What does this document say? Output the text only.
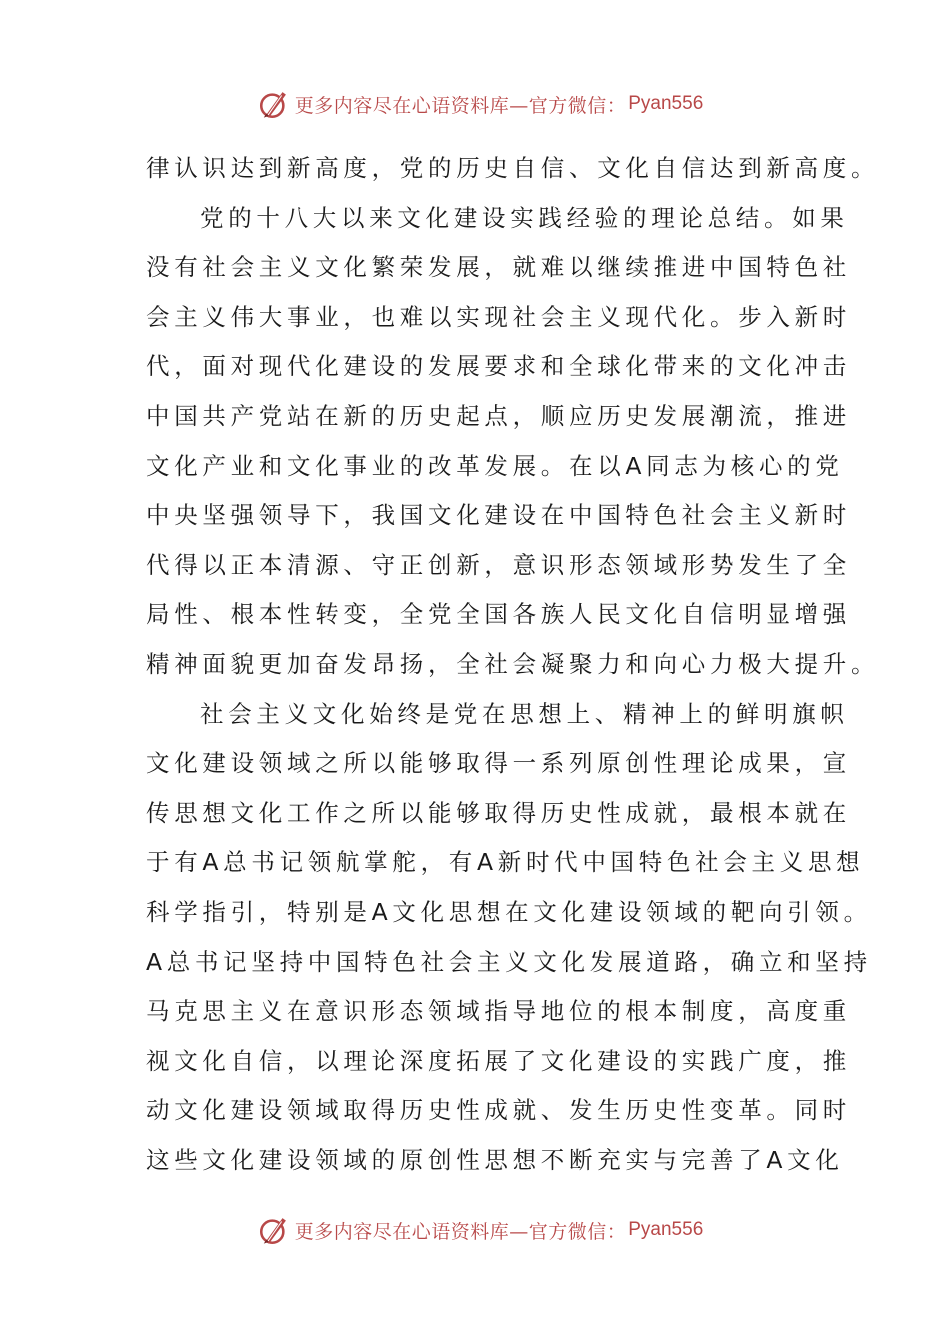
更多内容尽在心语资料库—官方微信： Pyan556
律认识达到新高度，党的历史自信、文化自信达到新高度。
党的十八大以来文化建设实践经验的理论总结。如果
没有社会主义文化繁荣发展，就难以继续推进中国特色社
会主义伟大事业，也难以实现社会主义现代化。步入新时
代，面对现代化建设的发展要求和全球化带来的文化冲击
中国共产党站在新的历史起点，顺应历史发展潮流，推进
文化产业和文化事业的改革发展。在以A同志为核心的党
中央坚强领导下，我国文化建设在中国特色社会主义新时
代得以正本清源、守正创新，意识形态领域形势发生了全
局性、根本性转变，全党全国各族人民文化自信明显增强
精神面貌更加奋发昂扬，全社会凝聚力和向心力极大提升。
社会主义文化始终是党在思想上、精神上的鲜明旗帜
文化建设领域之所以能够取得一系列原创性理论成果，宣
传思想文化工作之所以能够取得历史性成就，最根本就在
于有A总书记领航掌舵，有A新时代中国特色社会主义思想
科学指引，特别是A文化思想在文化建设领域的靶向引领。
A总书记坚持中国特色社会主义文化发展道路，确立和坚持
马克思主义在意识形态领域指导地位的根本制度，高度重
视文化自信，以理论深度拓展了文化建设的实践广度，推
动文化建设领域取得历史性成就、发生历史性变革。同时
这些文化建设领域的原创性思想不断充实与完善了A文化
更多内容尽在心语资料库—官方微信： Pyan556
